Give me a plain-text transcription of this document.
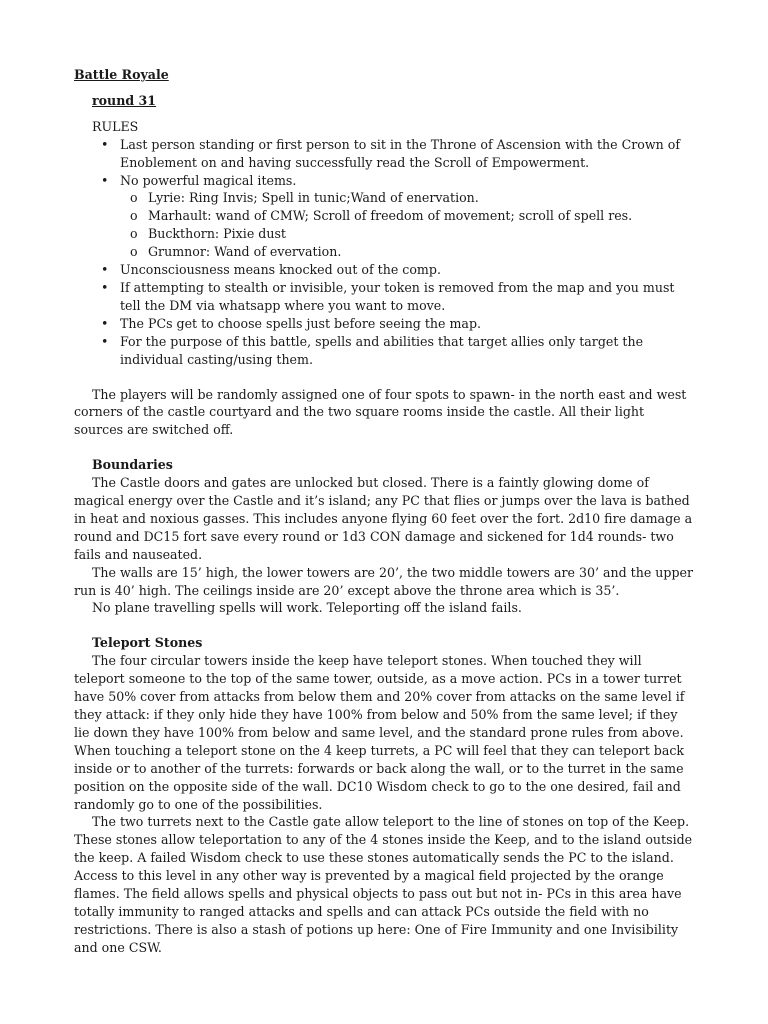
Battle Royale
round 31
RULES
• Last person standing or first person to sit in the Throne of Ascension with the Crown of Enoblement on and having successfully read the Scroll of Empowerment.
• No powerful magical items.
o Lyrie: Ring Invis; Spell in tunic;Wand of enervation.
o Marhault: wand of CMW; Scroll of freedom of movement; scroll of spell res.
o Buckthorn: Pixie dust
o Grumnor: Wand of evervation.
• Unconsciousness means knocked out of the comp.
• If attempting to stealth or invisible, your token is removed from the map and you must tell the DM via whatsapp where you want to move.
• The PCs get to choose spells just before seeing the map.
• For the purpose of this battle, spells and abilities that target allies only target the individual casting/using them.

The players will be randomly assigned one of four spots to spawn- in the north east and west corners of the castle courtyard and the two square rooms inside the castle. All their light sources are switched off.

Boundaries

The Castle doors and gates are unlocked but closed. There is a faintly glowing dome of magical energy over the Castle and it’s island; any PC that flies or jumps over the lava is bathed in heat and noxious gasses. This includes anyone flying 60 feet over the fort. 2d10 fire damage a round and DC15 fort save every round or 1d3 CON damage and sickened for 1d4 rounds- two fails and nauseated.

The walls are 15’ high, the lower towers are 20’, the two middle towers are 30’ and the upper run is 40’ high. The ceilings inside are 20’ except above the throne area which is 35’.

No plane travelling spells will work. Teleporting off the island fails.

Teleport Stones

The four circular towers inside the keep have teleport stones. When touched they will teleport someone to the top of the same tower, outside, as a move action. PCs in a tower turret have 50% cover from attacks from below them and 20% cover from attacks on the same level if they attack: if they only hide they have 100% from below and 50% from the same level; if they lie down they have 100% from below and same level, and the standard prone rules from above. When touching a teleport stone on the 4 keep turrets, a PC will feel that they can teleport back inside or to another of the turrets: forwards or back along the wall, or to the turret in the same position on the opposite side of the wall. DC10 Wisdom check to go to the one desired, fail and randomly go to one of the possibilities.

The two turrets next to the Castle gate allow teleport to the line of stones on top of the Keep. These stones allow teleportation to any of the 4 stones inside the Keep, and to the island outside the keep. A failed Wisdom check to use these stones automatically sends the PC to the island. Access to this level in any other way is prevented by a magical field projected by the orange flames. The field allows spells and physical objects to pass out but not in- PCs in this area have totally immunity to ranged attacks and spells and can attack PCs outside the field with no restrictions. There is also a stash of potions up here: One of Fire Immunity and one Invisibility and one CSW.
